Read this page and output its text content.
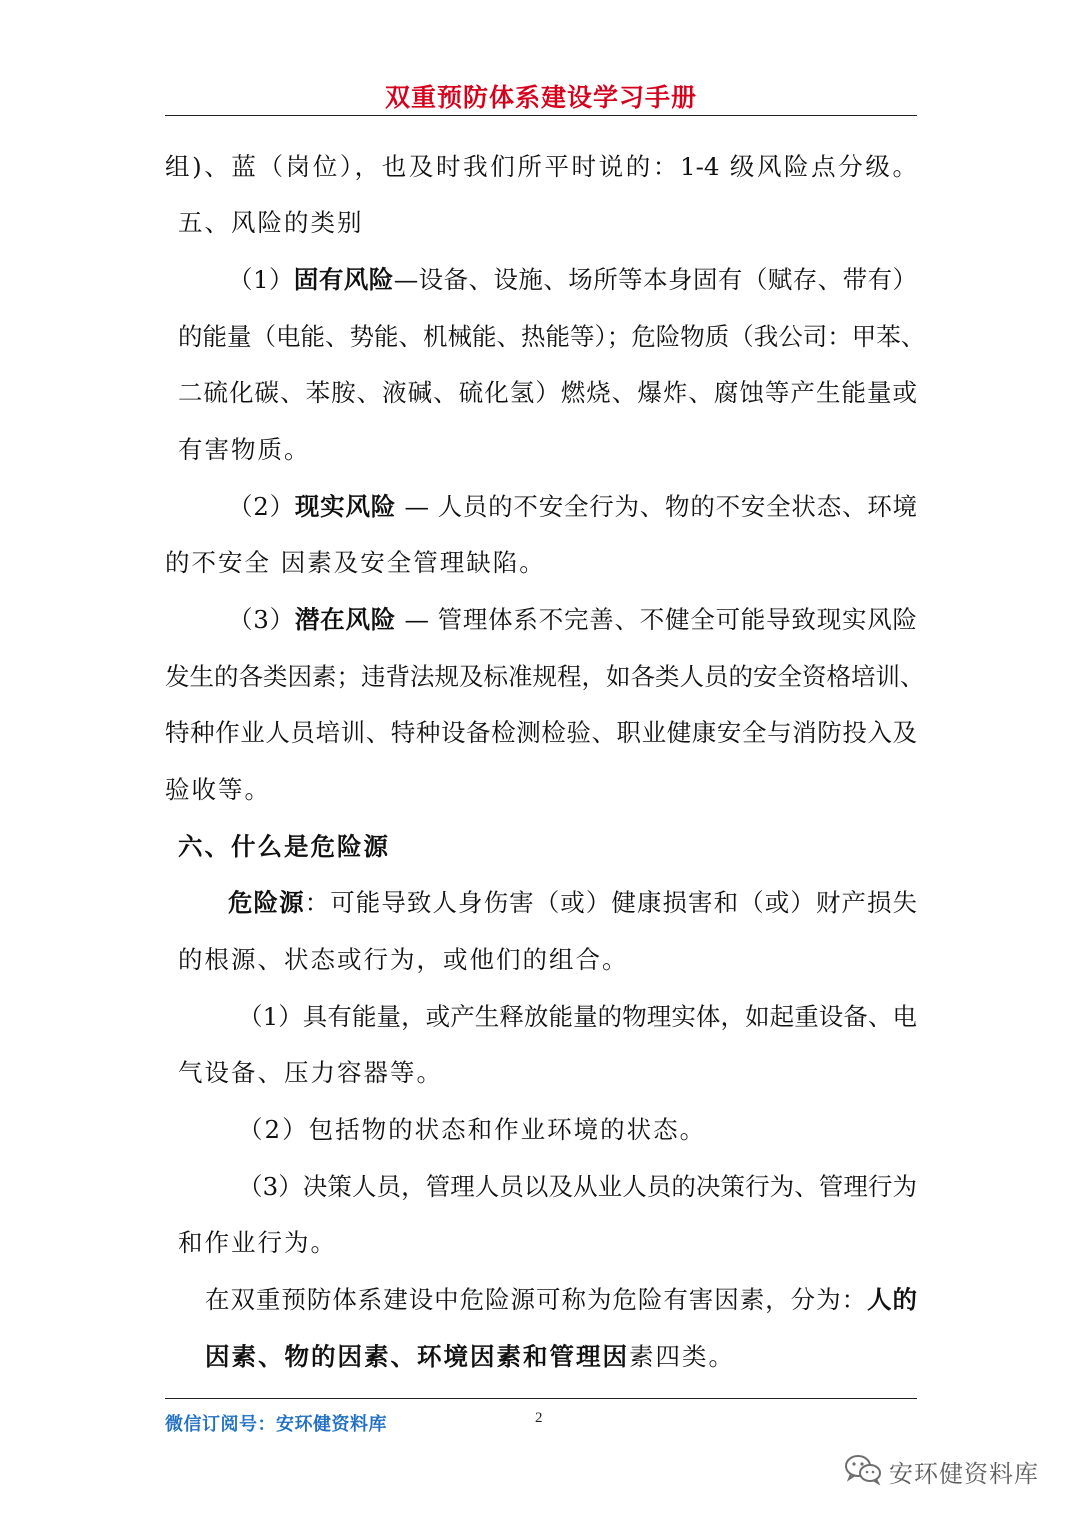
双重预防体系建设学习手册
组)、蓝（岗位），也及时我们所平时说的：1-4 级风险点分级。
五、风险的类别
（1）固有风险—设备、设施、场所等本身固有（赋存、带有）
的能量（电能、势能、机械能、热能等）；危险物质（我公司：甲苯、
二硫化碳、苯胺、液碱、硫化氢）燃烧、爆炸、腐蚀等产生能量或
有害物质。
（2）现实风险 — 人员的不安全行为、物的不安全状态、环境
的不安全 因素及安全管理缺陷。
（3）潜在风险 — 管理体系不完善、不健全可能导致现实风险
发生的各类因素；违背法规及标准规程，如各类人员的安全资格培训、
特种作业人员培训、特种设备检测检验、职业健康安全与消防投入及
验收等。
六、什么是危险源
危险源：可能导致人身伤害（或）健康损害和（或）财产损失
的根源、状态或行为，或他们的组合。
（1）具有能量，或产生释放能量的物理实体，如起重设备、电
气设备、压力容器等。
（2）包括物的状态和作业环境的状态。
（3）决策人员，管理人员以及从业人员的决策行为、管理行为
和作业行为。
在双重预防体系建设中危险源可称为危险有害因素，分为：人的
因素、物的因素、环境因素和管理因素四类。
微信订阅号：安环健资料库	2
安环健资料库
